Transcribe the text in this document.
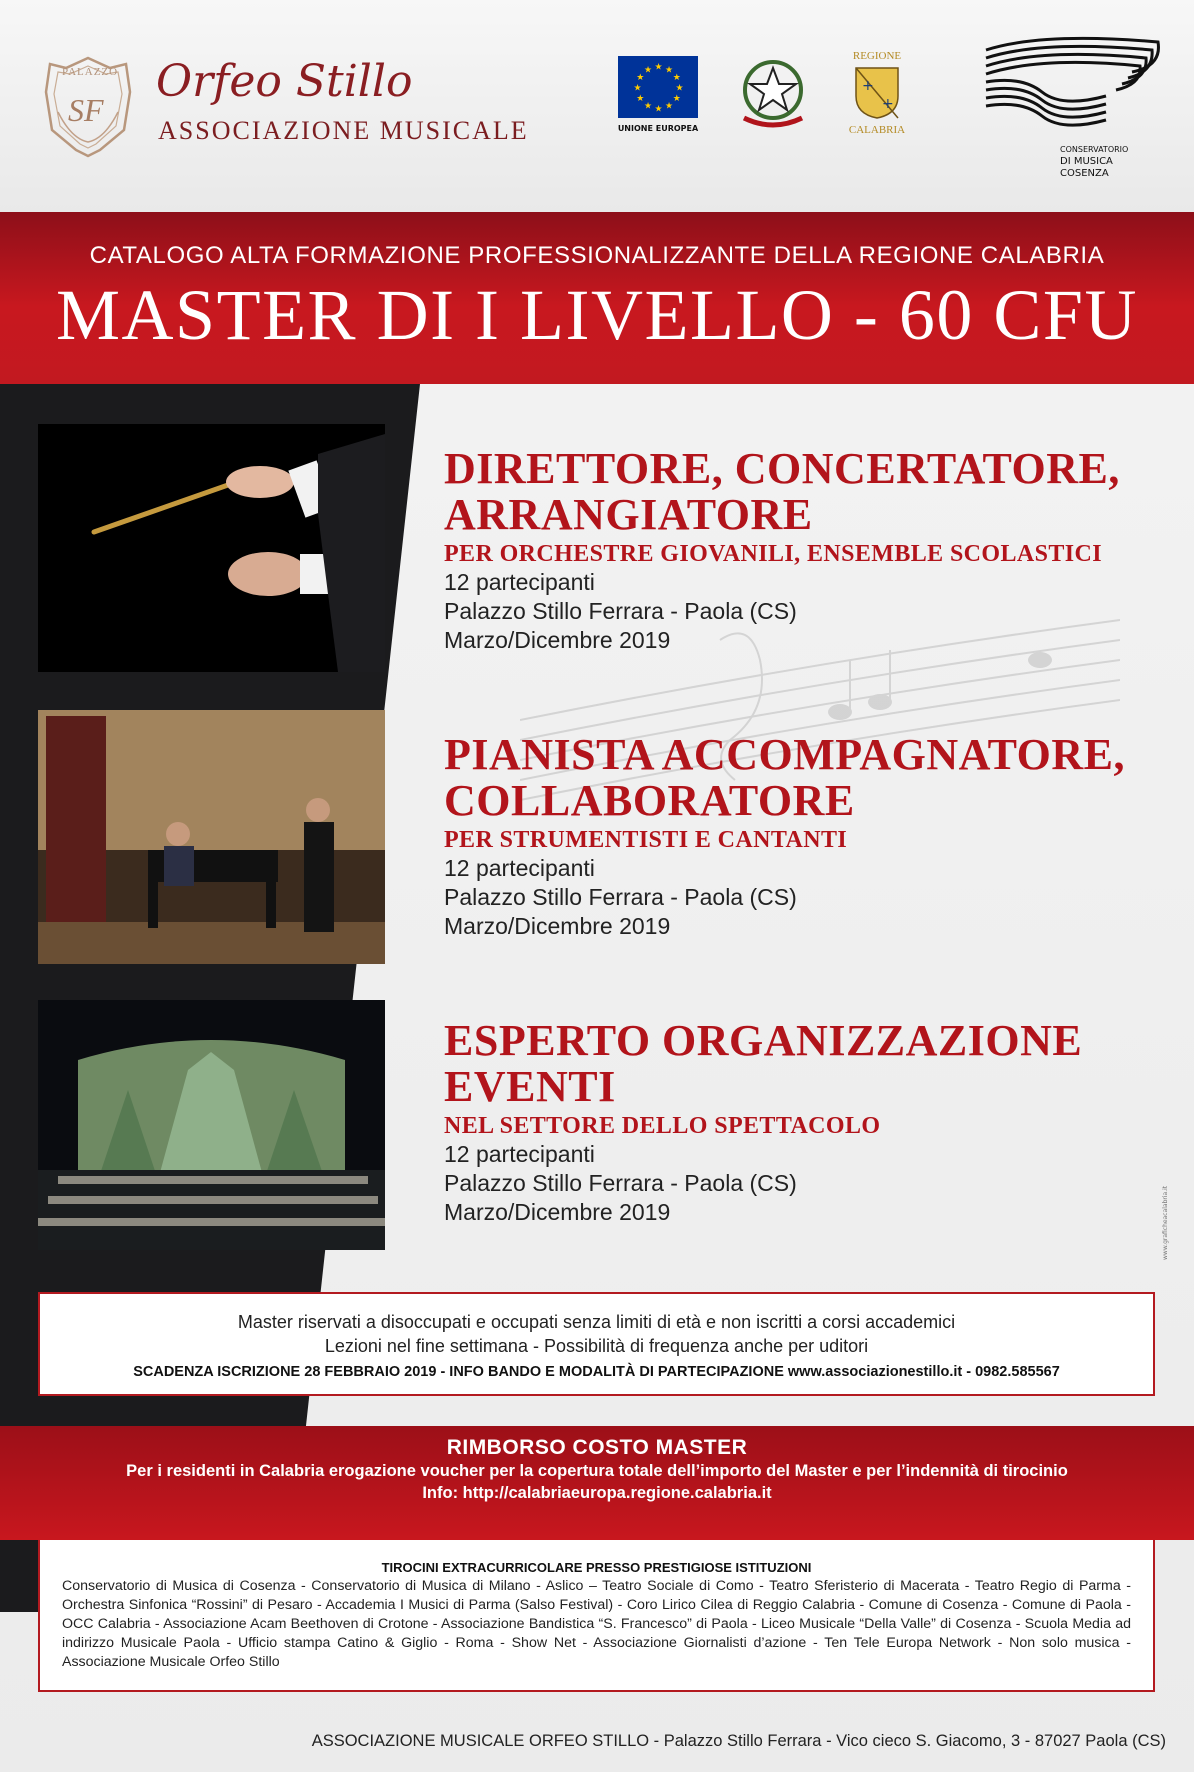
PALAZZO
SF
Orfeo Stillo
ASSOCIAZIONE MUSICALE
★
★
★
★
★
★
★
★
★ ★ ★
★
UNIONE EUROPEA
REGIONE
+
+
CALABRIA
CONSERVATORIO
DI MUSICA
COSENZA
CATALOGO ALTA FORMAZIONE PROFESSIONALIZZANTE DELLA REGIONE CALABRIA
MASTER DI I LIVELLO - 60 CFU
DIRETTORE, CONCERTATORE,
ARRANGIATORE
PER ORCHESTRE GIOVANILI, ENSEMBLE SCOLASTICI
12 partecipanti
Palazzo Stillo Ferrara - Paola (CS)
Marzo/Dicembre 2019
PIANISTA ACCOMPAGNATORE,
COLLABORATORE
PER STRUMENTISTI E CANTANTI
12 partecipanti
Palazzo Stillo Ferrara - Paola (CS)
Marzo/Dicembre 2019
ESPERTO ORGANIZZAZIONE
EVENTI
NEL SETTORE DELLO SPETTACOLO
12 partecipanti
Palazzo Stillo Ferrara - Paola (CS)
Marzo/Dicembre 2019	www.graficheacalabria.it
Master riservati a disoccupati e occupati senza limiti di età e non iscritti a corsi accademici
Lezioni nel fine settimana - Possibilità di frequenza anche per uditori
SCADENZA ISCRIZIONE 28 FEBBRAIO 2019 - INFO BANDO E MODALITÀ DI PARTECIPAZIONE www.associazionestillo.it - 0982.585567
RIMBORSO COSTO MASTER
Per i residenti in Calabria erogazione voucher per la copertura totale dell’importo del Master e per l’indennità di tirocinio
Info: http://calabriaeuropa.regione.calabria.it
TIROCINI EXTRACURRICOLARE PRESSO PRESTIGIOSE ISTITUZIONI
Conservatorio di Musica di Cosenza - Conservatorio di Musica di Milano - Aslico – Teatro Sociale di Como - Teatro Sferisterio di Macerata - Teatro Regio di Parma - Orchestra Sinfonica “Rossini” di Pesaro - Accademia I Musici di Parma (Salso Festival) - Coro Lirico Cilea di Reggio Calabria - Comune di Cosenza - Comune di Paola - OCC Calabria - Associazione Acam Beethoven di Crotone - Associazione Bandistica “S. Francesco” di Paola - Liceo Musicale “Della Valle” di Cosenza - Scuola Media ad indirizzo Musicale Paola - Ufficio stampa Catino & Giglio - Roma - Show Net - Associazione Giornalisti d’azione - Ten Tele Europa Network - Non solo musica - Associazione Musicale Orfeo Stillo
ASSOCIAZIONE MUSICALE ORFEO STILLO - Palazzo Stillo Ferrara - Vico cieco S. Giacomo, 3 - 87027 Paola (CS)
